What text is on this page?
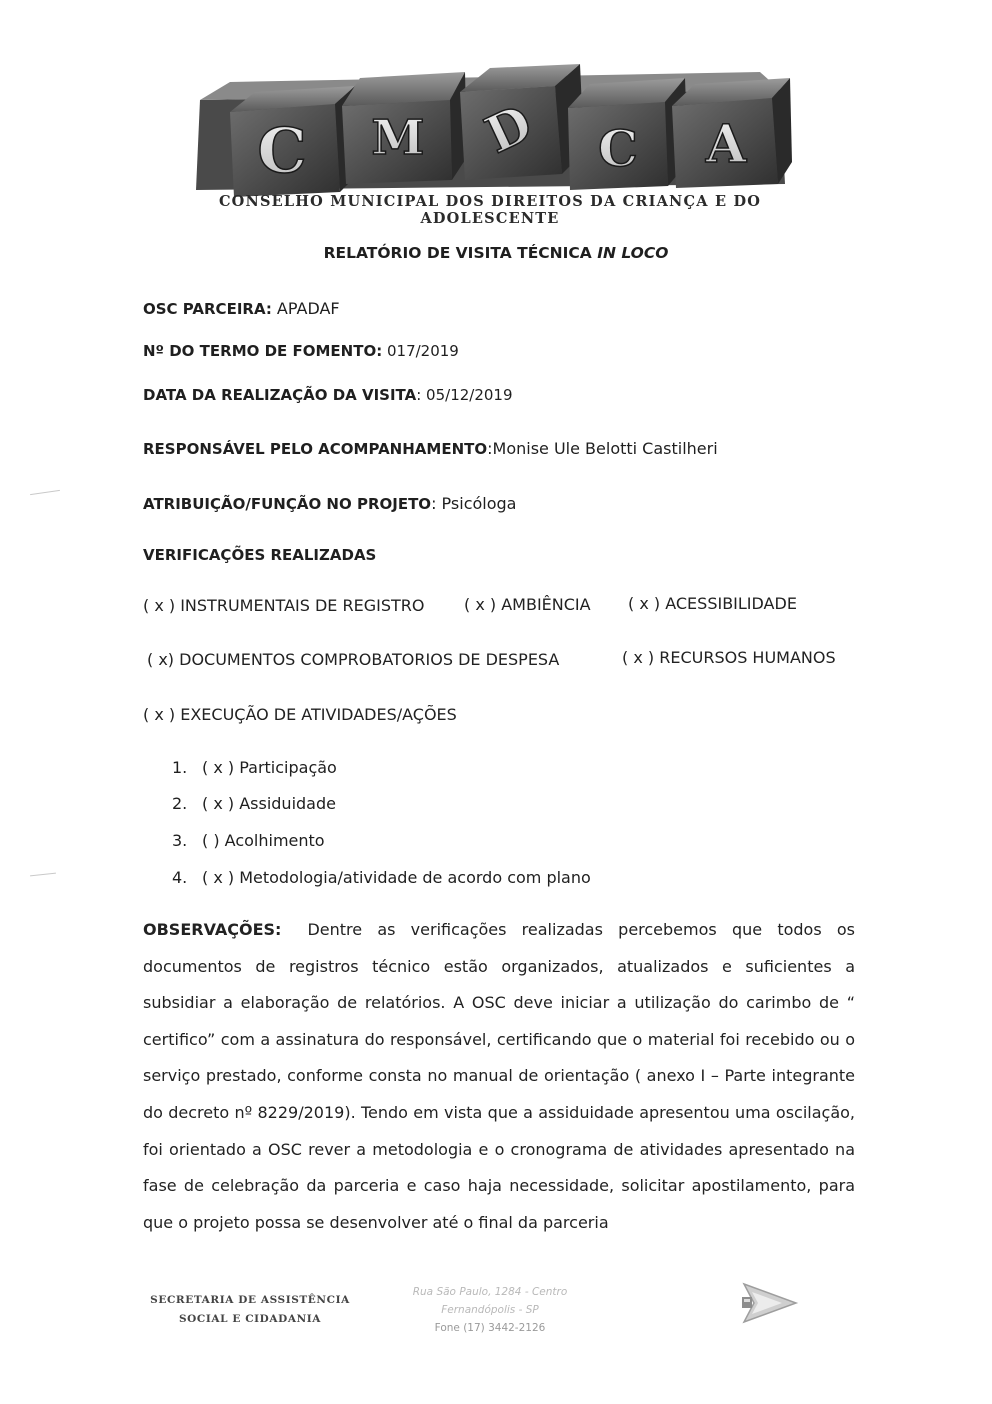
C M D C A
CONSELHO MUNICIPAL DOS DIREITOS DA CRIANÇA E DO ADOLESCENTE
RELATÓRIO DE VISITA TÉCNICA IN LOCO
OSC PARCEIRA: APADAF
Nº DO TERMO DE FOMENTO: 017/2019
DATA DA REALIZAÇÃO DA VISITA: 05/12/2019
RESPONSÁVEL PELO ACOMPANHAMENTO:Monise Ule Belotti Castilheri
ATRIBUIÇÃO/FUNÇÃO NO PROJETO: Psicóloga
VERIFICAÇÕES REALIZADAS
( x ) INSTRUMENTAIS DE REGISTRO ( x ) AMBIÊNCIA ( x ) ACESSIBILIDADE
( x) DOCUMENTOS COMPROBATORIOS DE DESPESA	( x ) RECURSOS HUMANOS
( x ) EXECUÇÃO DE ATIVIDADES/AÇÕES
1. ( x ) Participação
2. ( x ) Assiduidade
3. ( ) Acolhimento
4. ( x ) Metodologia/atividade de acordo com plano
OBSERVAÇÕES: Dentre as verificações realizadas percebemos que todos os documentos de registros técnico estão organizados, atualizados e suficientes a subsidiar a elaboração de relatórios. A OSC deve iniciar a utilização do carimbo de “ certifico” com a assinatura do responsável, certificando que o material foi recebido ou o serviço prestado, conforme consta no manual de orientação ( anexo I – Parte integrante do decreto nº 8229/2019). Tendo em vista que a assiduidade apresentou uma oscilação, foi orientado a OSC rever a metodologia e o cronograma de atividades apresentado na fase de celebração da parceria e caso haja necessidade, solicitar apostilamento, para que o projeto possa se desenvolver até o final da parceria
SECRETARIA DE ASSISTÊNCIA
SOCIAL E CIDADANIA
Rua São Paulo, 1284 - Centro
Fernandópolis - SP
Fone (17) 3442-2126
